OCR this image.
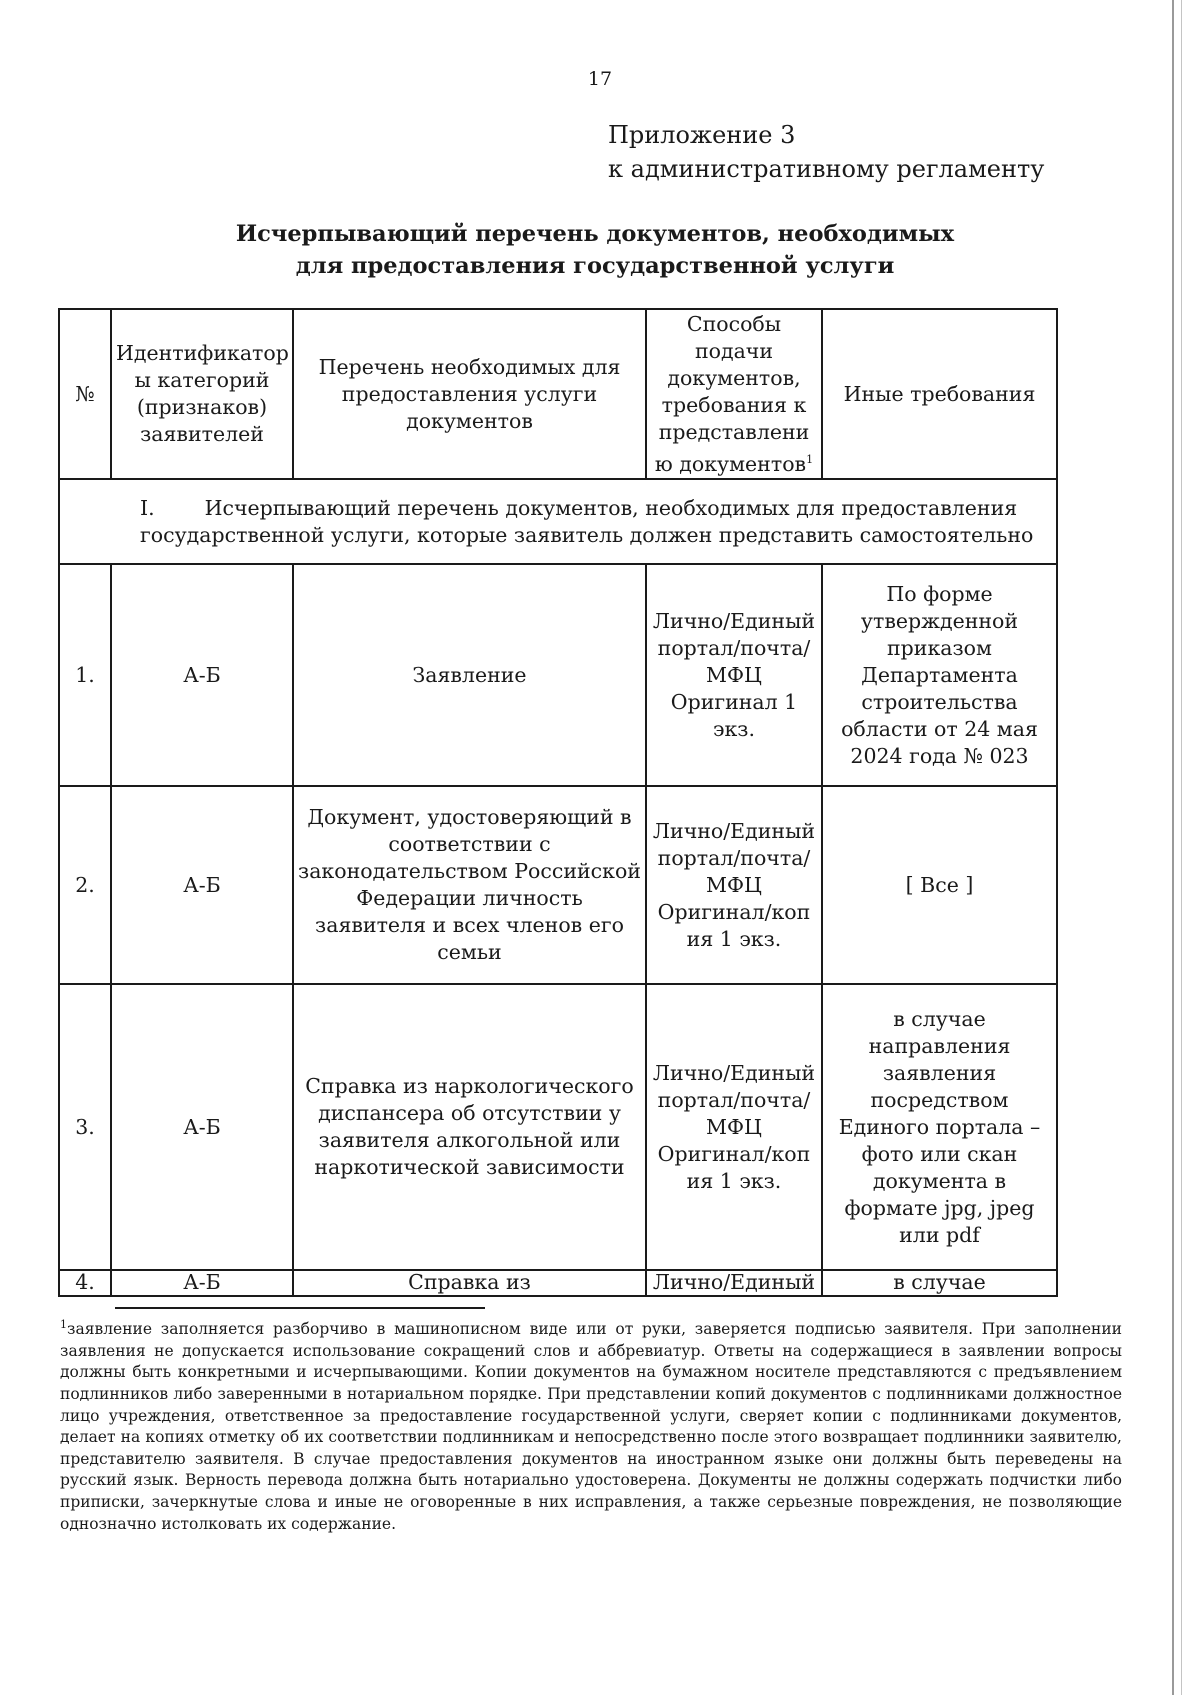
17
Приложение 3
к административному регламенту
Исчерпывающий перечень документов, необходимых
для предоставления государственной услуги
№	Идентификатор ы категорий (признаков) заявителей	Перечень необходимых для предоставления услуги документов	Способы подачи документов, требования к представлени ю документов$^1$	Иные требования
I. Исчерпывающий перечень документов, необходимых для предоставления государственной услуги, которые заявитель должен представить самостоятельно				
1.	А-Б	Заявление	Лично/Единый портал/почта/ МФЦ Оригинал 1 экз.	По форме утвержденной приказом Департамента строительства области от 24 мая 2024 года № 023
2.	А-Б	Документ, удостоверяющий в соответствии с законодательством Российской Федерации личность заявителя и всех членов его семьи	Лично/Единый портал/почта/ МФЦ Оригинал/коп ия 1 экз.	[ Все ]
3.	А-Б	Справка из наркологического диспансера об отсутствии у заявителя алкогольной или наркотической зависимости	Лично/Единый портал/почта/ МФЦ Оригинал/коп ия 1 экз.	в случае направления заявления посредством Единого портала – фото или скан документа в формате jpg, jpeg или pdf
4.	А-Б	Справка из	Лично/Единый	в случае
$^1$заявление заполняется разборчиво в машинописном виде или от руки, заверяется подписью заявителя. При заполнении заявления не допускается использование сокращений слов и аббревиатур. Ответы на содержащиеся в заявлении вопросы должны быть конкретными и исчерпывающими. Копии документов на бумажном носителе представляются с предъявлением подлинников либо заверенными в нотариальном порядке. При представлении копий документов с подлинниками должностное лицо учреждения, ответственное за предоставление государственной услуги, сверяет копии с подлинниками документов, делает на копиях отметку об их соответствии подлинникам и непосредственно после этого возвращает подлинники заявителю, представителю заявителя. В случае предоставления документов на иностранном языке они должны быть переведены на русский язык. Верность перевода должна быть нотариально удостоверена. Документы не должны содержать подчистки либо приписки, зачеркнутые слова и иные не оговоренные в них исправления, а также серьезные повреждения, не позволяющие однозначно истолковать их содержание.
